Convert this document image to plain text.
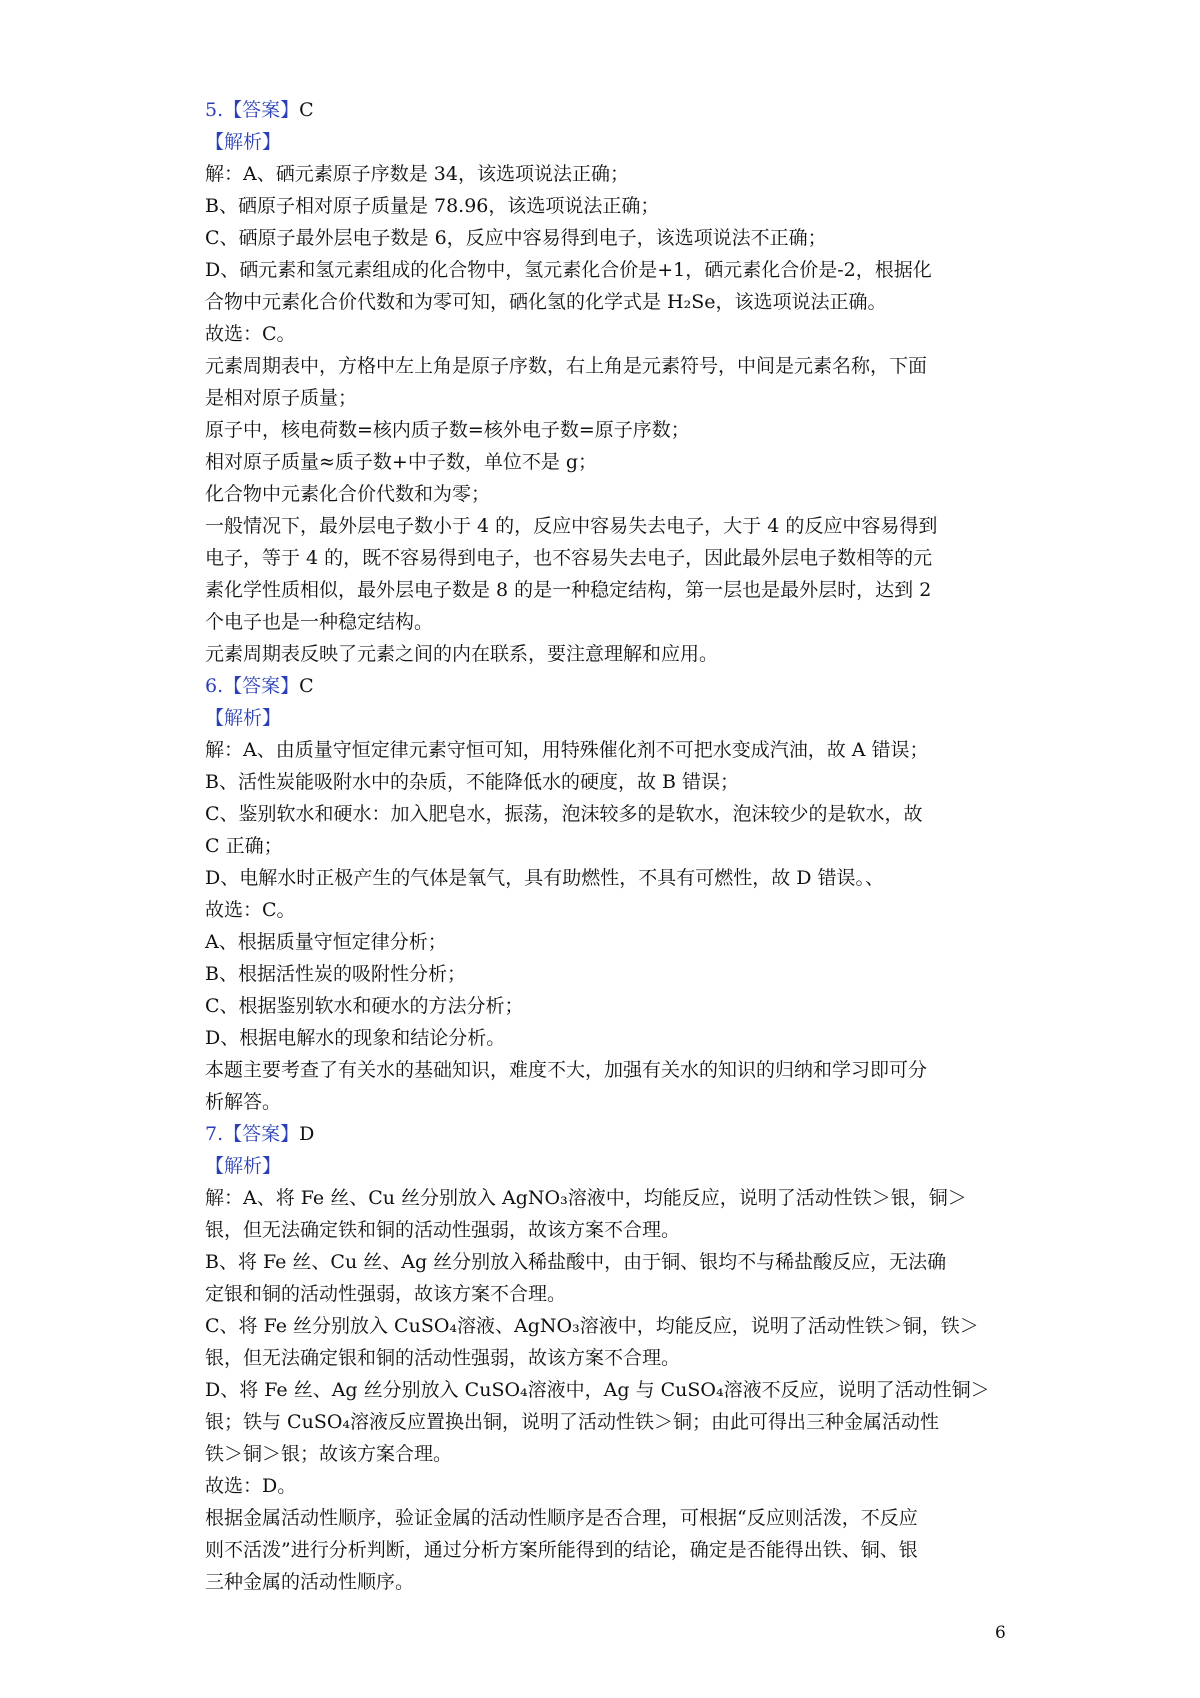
5.【答案】C

【解析】

解：A、硒元素原子序数是 34，该选项说法正确；

B、硒原子相对原子质量是 78.96，该选项说法正确；

C、硒原子最外层电子数是 6，反应中容易得到电子，该选项说法不正确；

D、硒元素和氢元素组成的化合物中，氢元素化合价是+1，硒元素化合价是-2，根据化

合物中元素化合价代数和为零可知，硒化氢的化学式是 H₂Se，该选项说法正确。

故选：C。

元素周期表中，方格中左上角是原子序数，右上角是元素符号，中间是元素名称，下面

是相对原子质量；

原子中，核电荷数=核内质子数=核外电子数=原子序数；

相对原子质量≈质子数+中子数，单位不是 g；

化合物中元素化合价代数和为零；

一般情况下，最外层电子数小于 4 的，反应中容易失去电子，大于 4 的反应中容易得到

电子，等于 4 的，既不容易得到电子，也不容易失去电子，因此最外层电子数相等的元

素化学性质相似，最外层电子数是 8 的是一种稳定结构，第一层也是最外层时，达到 2

个电子也是一种稳定结构。

元素周期表反映了元素之间的内在联系，要注意理解和应用。

6.【答案】C

【解析】

解：A、由质量守恒定律元素守恒可知，用特殊催化剂不可把水变成汽油，故 A 错误；

B、活性炭能吸附水中的杂质，不能降低水的硬度，故 B 错误；

C、鉴别软水和硬水：加入肥皂水，振荡，泡沫较多的是软水，泡沫较少的是软水，故

C 正确；

D、电解水时正极产生的气体是氧气，具有助燃性，不具有可燃性，故 D 错误。、

故选：C。

A、根据质量守恒定律分析；

B、根据活性炭的吸附性分析；

C、根据鉴别软水和硬水的方法分析；

D、根据电解水的现象和结论分析。

本题主要考查了有关水的基础知识，难度不大，加强有关水的知识的归纳和学习即可分

析解答。

7.【答案】D

【解析】

解：A、将 Fe 丝、Cu 丝分别放入 AgNO₃溶液中，均能反应，说明了活动性铁＞银，铜＞

银，但无法确定铁和铜的活动性强弱，故该方案不合理。

B、将 Fe 丝、Cu 丝、Ag 丝分别放入稀盐酸中，由于铜、银均不与稀盐酸反应，无法确

定银和铜的活动性强弱，故该方案不合理。

C、将 Fe 丝分别放入 CuSO₄溶液、AgNO₃溶液中，均能反应，说明了活动性铁＞铜，铁＞

银，但无法确定银和铜的活动性强弱，故该方案不合理。

D、将 Fe 丝、Ag 丝分别放入 CuSO₄溶液中，Ag 与 CuSO₄溶液不反应，说明了活动性铜＞

银；铁与 CuSO₄溶液反应置换出铜，说明了活动性铁＞铜；由此可得出三种金属活动性

铁＞铜＞银；故该方案合理。

故选：D。

根据金属活动性顺序，验证金属的活动性顺序是否合理，可根据“反应则活泼，不反应

则不活泼”进行分析判断，通过分析方案所能得到的结论，确定是否能得出铁、铜、银

三种金属的活动性顺序。

6
